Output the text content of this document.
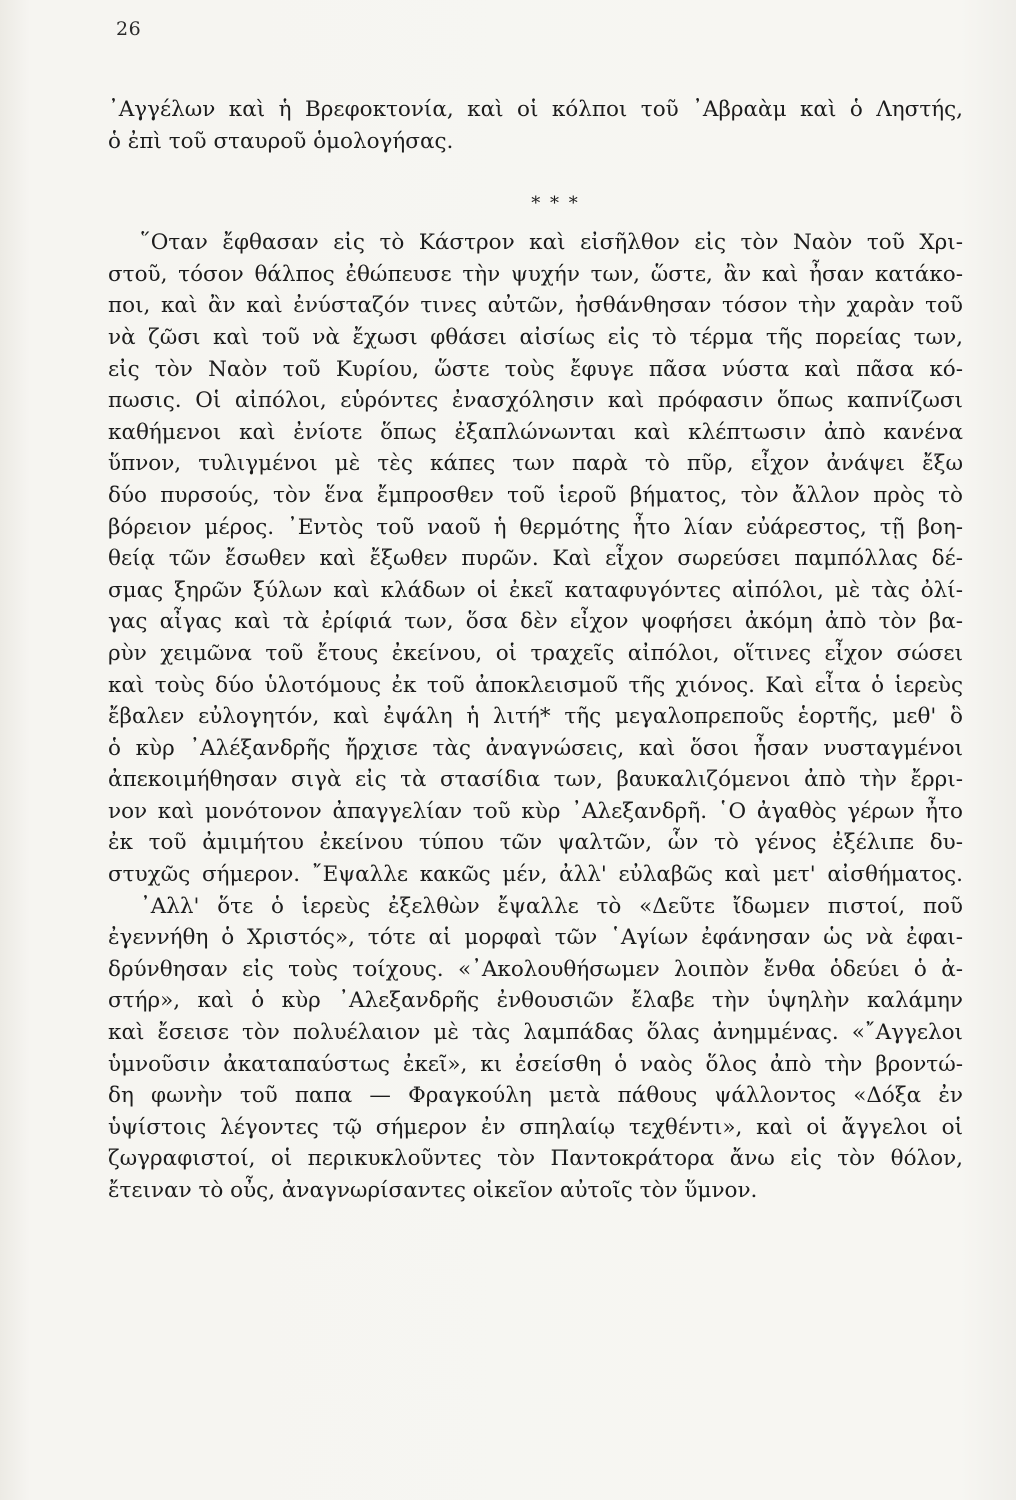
26
᾿Αγγέλων καὶ ἡ Βρεφοκτονία, καὶ οἱ κόλποι τοῦ ᾿Αβραὰμ καὶ ὁ Ληστής,
ὁ ἐπὶ τοῦ σταυροῦ ὁμολογήσας.
* * *
῞Οταν ἔφθασαν εἰς τὸ Κάστρον καὶ εἰσῆλθον εἰς τὸν Ναὸν τοῦ Χρι-
στοῦ, τόσον θάλπος ἐθώπευσε τὴν ψυχήν των, ὥστε, ἂν καὶ ἦσαν κατάκο-
ποι, καὶ ἂν καὶ ἐνύσταζόν τινες αὐτῶν, ἠσθάνθησαν τόσον τὴν χαρὰν τοῦ
νὰ ζῶσι καὶ τοῦ νὰ ἔχωσι φθάσει αἰσίως εἰς τὸ τέρμα τῆς πορείας των,
εἰς τὸν Ναὸν τοῦ Κυρίου, ὥστε τοὺς ἔφυγε πᾶσα νύστα καὶ πᾶσα κό-
πωσις. Οἱ αἰπόλοι, εὑρόντες ἐνασχόλησιν καὶ πρόφασιν ὅπως καπνίζωσι
καθήμενοι καὶ ἐνίοτε ὅπως ἐξαπλώνωνται καὶ κλέπτωσιν ἀπὸ κανένα
ὕπνον, τυλιγμένοι μὲ τὲς κάπες των παρὰ τὸ πῦρ, εἶχον ἀνάψει ἔξω
δύο πυρσούς, τὸν ἕνα ἔμπροσθεν τοῦ ἱεροῦ βήματος, τὸν ἄλλον πρὸς τὸ
βόρειον μέρος. ᾿Εντὸς τοῦ ναοῦ ἡ θερμότης ἦτο λίαν εὐάρεστος, τῇ βοη-
θείᾳ τῶν ἔσωθεν καὶ ἔξωθεν πυρῶν. Καὶ εἶχον σωρεύσει παμπόλλας δέ-
σμας ξηρῶν ξύλων καὶ κλάδων οἱ ἐκεῖ καταφυγόντες αἰπόλοι, μὲ τὰς ὀλί-
γας αἶγας καὶ τὰ ἐρίφιά των, ὅσα δὲν εἶχον ψοφήσει ἀκόμη ἀπὸ τὸν βα-
ρὺν χειμῶνα τοῦ ἔτους ἐκείνου, οἱ τραχεῖς αἰπόλοι, οἵτινες εἶχον σώσει
καὶ τοὺς δύο ὑλοτόμους ἐκ τοῦ ἀποκλεισμοῦ τῆς χιόνος. Καὶ εἶτα ὁ ἱερεὺς
ἔβαλεν εὐλογητόν, καὶ ἐψάλη ἡ λιτή* τῆς μεγαλοπρεποῦς ἑορτῆς, μεθ' ὃ
ὁ κὺρ ᾿Αλέξανδρῆς ἤρχισε τὰς ἀναγνώσεις, καὶ ὅσοι ἦσαν νυσταγμένοι
ἀπεκοιμήθησαν σιγὰ εἰς τὰ στασίδια των, βαυκαλιζόμενοι ἀπὸ τὴν ἔρρι-
νον καὶ μονότονον ἀπαγγελίαν τοῦ κὺρ ᾿Αλεξανδρῆ. ῾Ο ἀγαθὸς γέρων ἦτο
ἐκ τοῦ ἀμιμήτου ἐκείνου τύπου τῶν ψαλτῶν, ὧν τὸ γένος ἐξέλιπε δυ-
στυχῶς σήμερον. ῎Εψαλλε κακῶς μέν, ἀλλ' εὐλαβῶς καὶ μετ' αἰσθήματος.
᾿Αλλ' ὅτε ὁ ἱερεὺς ἐξελθὼν ἔψαλλε τὸ «Δεῦτε ἴδωμεν πιστοί, ποῦ
ἐγεννήθη ὁ Χριστός», τότε αἱ μορφαὶ τῶν ῾Αγίων ἐφάνησαν ὡς νὰ ἐφαι-
δρύνθησαν εἰς τοὺς τοίχους. «᾿Ακολουθήσωμεν λοιπὸν ἔνθα ὁδεύει ὁ ἀ-
στήρ», καὶ ὁ κὺρ ᾿Αλεξανδρῆς ἐνθουσιῶν ἔλαβε τὴν ὑψηλὴν καλάμην
καὶ ἔσεισε τὸν πολυέλαιον μὲ τὰς λαμπάδας ὅλας ἀνημμένας. «῎Αγγελοι
ὑμνοῦσιν ἀκαταπαύστως ἐκεῖ», κι ἐσείσθη ὁ ναὸς ὅλος ἀπὸ τὴν βροντώ-
δη φωνὴν τοῦ παπα — Φραγκούλη μετὰ πάθους ψάλλοντος «Δόξα ἐν
ὑψίστοις λέγοντες τῷ σήμερον ἐν σπηλαίῳ τεχθέντι», καὶ οἱ ἄγγελοι οἱ
ζωγραφιστοί, οἱ περικυκλοῦντες τὸν Παντοκράτορα ἄνω εἰς τὸν θόλον,
ἔτειναν τὸ οὖς, ἀναγνωρίσαντες οἰκεῖον αὐτοῖς τὸν ὕμνον.
